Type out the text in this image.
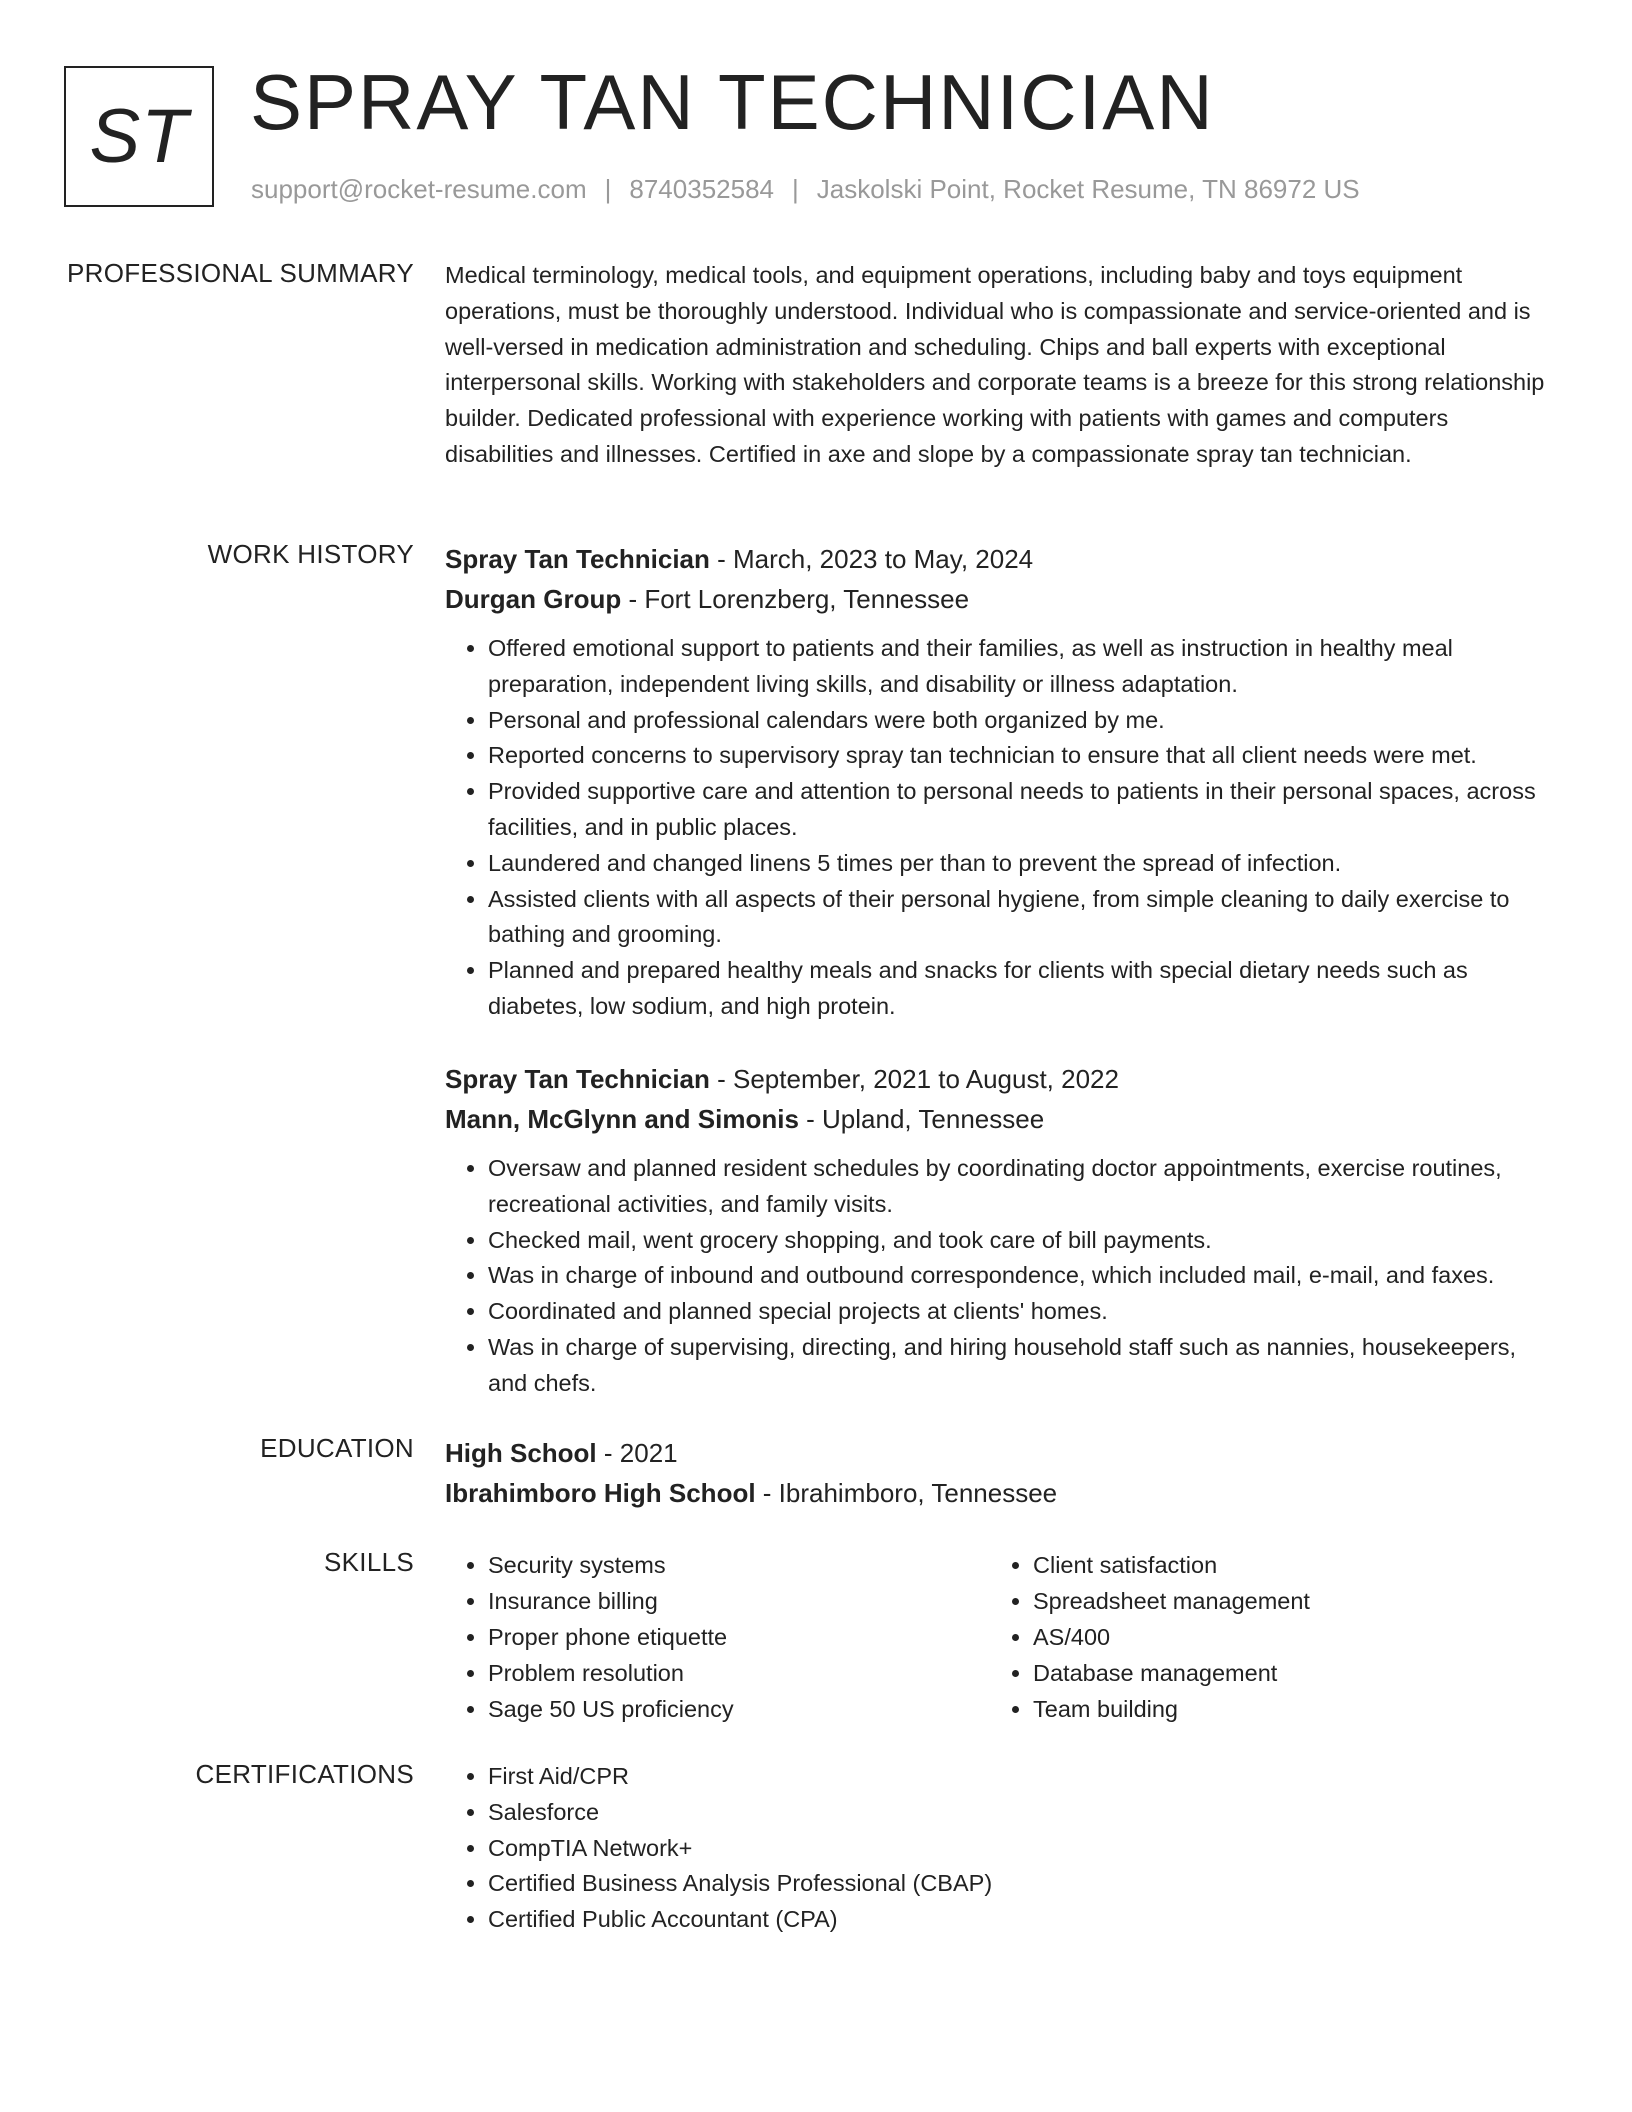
ST SPRAY TAN TECHNICIAN
support@rocket-resume.com | 8740352584 | Jaskolski Point, Rocket Resume, TN 86972 US
PROFESSIONAL SUMMARY Medical terminology, medical tools, and equipment operations, including baby and toys equipment operations, must be thoroughly understood. Individual who is compassionate and service-oriented and is well-versed in medication administration and scheduling. Chips and ball experts with exceptional interpersonal skills. Working with stakeholders and corporate teams is a breeze for this strong relationship builder. Dedicated professional with experience working with patients with games and computers disabilities and illnesses. Certified in axe and slope by a compassionate spray tan technician.

WORK HISTORY Spray Tan Technician - March, 2023 to May, 2024
Durgan Group - Fort Lorenzberg, Tennessee
• Offered emotional support to patients and their families, as well as instruction in healthy meal preparation, independent living skills, and disability or illness adaptation.
• Personal and professional calendars were both organized by me.
• Reported concerns to supervisory spray tan technician to ensure that all client needs were met.
• Provided supportive care and attention to personal needs to patients in their personal spaces, across facilities, and in public places.
• Laundered and changed linens 5 times per than to prevent the spread of infection.
• Assisted clients with all aspects of their personal hygiene, from simple cleaning to daily exercise to bathing and grooming.
• Planned and prepared healthy meals and snacks for clients with special dietary needs such as diabetes, low sodium, and high protein.
Spray Tan Technician - September, 2021 to August, 2022
Mann, McGlynn and Simonis - Upland, Tennessee
• Oversaw and planned resident schedules by coordinating doctor appointments, exercise routines, recreational activities, and family visits.
• Checked mail, went grocery shopping, and took care of bill payments.
• Was in charge of inbound and outbound correspondence, which included mail, e-mail, and faxes.
• Coordinated and planned special projects at clients' homes.
• Was in charge of supervising, directing, and hiring household staff such as nannies, housekeepers, and chefs.
EDUCATION High School - 2021
Ibrahimboro High School - Ibrahimboro, Tennessee
SKILLS	• Security systems
• Insurance billing
• Proper phone etiquette
• Problem resolution
• Sage 50 US proficiency
• Client satisfaction
• Spreadsheet management
• AS/400
• Database management
• Team building
CERTIFICATIONS	• First Aid/CPR
• Salesforce
• CompTIA Network+
• Certified Business Analysis Professional (CBAP)
• Certified Public Accountant (CPA)
